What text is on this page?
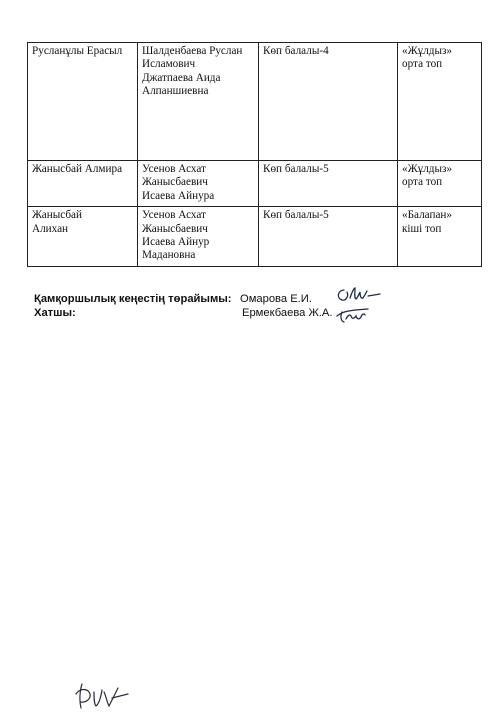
Русланұлы Ерасыл	Шалденбаева Руслан
Исламович
Джатпаева Аида
Алпаншиевна	Көп балалы-4	«Жұлдыз»
орта топ

Жанысбай Алмира	Усенов Асхат
Жанысбаевич
Исаева Айнура	Көп балалы-5	«Жұлдыз»
орта топ

Жанысбай
Алихан	Усенов Асхат
Жанысбаевич
Исаева Айнур
Мадановна	Көп балалы-5	«Балапан»
кіші топ
Қамқоршылық кеңестің төрайымы: Омарова Е.И.
Хатшы:	Ермекбаева Ж.А.
